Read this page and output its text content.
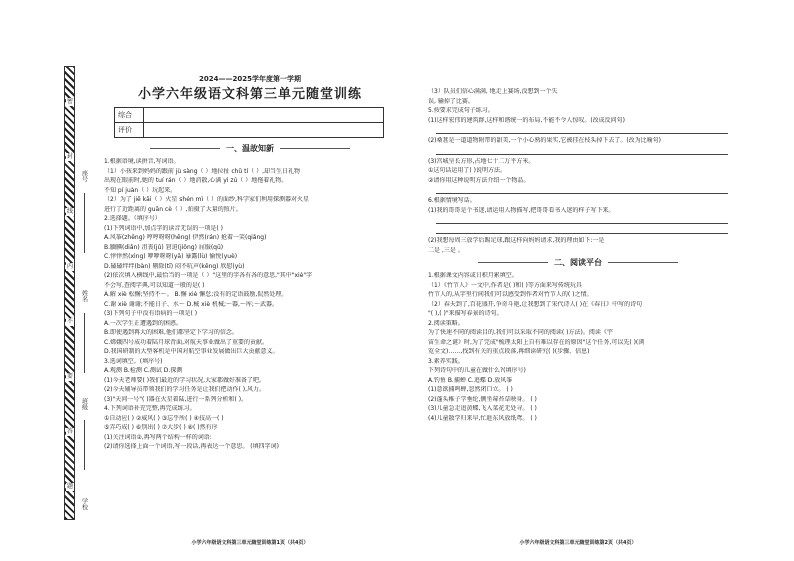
密
封
线
内
不
要
答
题
座号
姓名
班级
学校
2024——2025学年度第一学期
小学六年级语文科第三单元随堂训练
综合	
评价	
一、温故知新
1.根据语境,读拼音,写词语。
（1）小孩来到妈妈的跟前 jù sàng（ ）地拉扯 chǔ tí（ ）,却当生日礼物
出现在眼前时,她的 tuí rán（ ）地消散,心满 yì zú（ ）地拖着礼物。
不知 pí juàn（ ）玩起来。
（2）为了 jiē kāi（ ）火星 shén mì（ ）的面纱,科学家们利用探测器对火星
进行了近距离的 guān cè（ ）,拍摄了大量的照片。
2.选择题。（填序号）
(1)下列词语中,加点字的读音无误的一项是( )
A.风筝(zhēng) 哼哼呀呀(hēng) 伊然(rán) 抢着一笑(qiǎng)
B.腼腆(diǎn) 沮丧(jǔ) 窘迫(jiǒng) 屈服(qū)
C.悻悻然(xìng) 咿咿呀呀(yā) 暴露(lù) 愉悦(yuè)
D.磕磕绊绊(bàn) 剔除(tī) 闷不吭声(kēng) 欣慰(yù)
(2)依次填入横线中,最恰当的一项是（ ）"这里的字各有各的意思,"其中"xiè"字
不会写,查阅字典,可以知道一般的是( )
A.解 xiè 松懈;坚持不～。 B.懈 xiè 懈怠;没有的定语鼓励,侃然处理。
C.谢 xiè 谢谢;不能日子、水～ D.械 xiè 机械;～器,～库;～武器。
(3)下列句子中没有语病的一项是( )
A.一次学生正遭遇到的困惑。
B.即使遇到再大的困难,他们都坚定下学习的信念。
C.嫦娥四号成功着陆月球背面,对航天事业做出了重要的贡献。
D.我国研制的大型客机是中国对航空事业发展做出巨大贡献意义。
3.选词填空。(填序号)
A.观测 B.检测 C.测试 D.探测
(1)今天老师要( )我们最近的学习状况,大家都做好准备了吧。
(2)今天辅导员带领我们的学习任务是让我们把动作( ),风力。
(3)"天问一号"( )器在火星着陆,进行一系列分析和( )。
4.下列词语补充完整,再完成练习。
①自动应( ) ②威风( ) ③忘乎所( ) ④技高一( )
⑤弄巧成( ) ⑥别出( ) ⑦大步( ) ⑧( )然有序
(1)关注词语②,再写两个结构一样的词语:
(2)请你选择上面一个词语,写一段话,再表达一个意思。 (填四字词)
小学六年级语文科第三单元随堂训练第1页（共4页）
（3）队员们信心满满, 地走上赛场,没想到一个失
误, 输掉了比赛。
5.按要求完成句子练习。
(1)这样宏伟的建筑群,这样和谐统一的布局,不能不令人惊叹。(改成反问句)
(2)桑葚是一道道物附带的甜美,一个小心熟的果实,它被挂在枝头掉下去了。(改为比喻句)
(3)宫城呈长方形,占地七十二万平方米。
①这句话运用了( )说明方法。
②请你用这种说明方法介绍一个物品。
6.根据情境写话。
(1)我的哥哥是个书迷,请运用人物描写,把哥哥看书入迷的样子写下来。
(2)我想每周三放学后踢足球,跟这样向妈妈请求,我的理由如下:一是
二是 ,三是 。
二、阅读平台
1.根据课文内容或日积月累填空。
（1）《竹节人》一文中,作者是( )和( )等方面来写传统玩具
竹节人的,从字里行间我们可以感受到作者对竹节人的( )之情。
（2）春天到了,百花盛开,争奇斗艳,让我想到了宋代诗人( )在《春日》中写的诗句
"( ),( )"来描写春景的诗句。
2.阅读策略。
为了快速不同的阅读目的,我们可以采取不同的阅读( )方法)。阅读《宇
宙生命之谜》时,为了完成"梳理太阳上自有难以存在的原因"这个任务,可以先( )(浏
览全文)……,找到有关的重点段落,再细读研究( )(步骤、信息)
3.素养实践。
下列诗句中的儿童在做什么?(填序号)
A.钓鱼 B.捕蝉 C.追蝶 D.放风筝
(1)意欲捕鸣蝉,忽然闭口立。 ( )
(2)蓬头稚子学垂纶,侧坐莓苔草映身。 ( )
(3)儿童急走追黄蝶,飞入菜花无处寻。 ( )
(4)儿童散学归来早,忙趁东风放纸鸢。 ( )
小学六年级语文科第三单元随堂训练第2页（共4页）
